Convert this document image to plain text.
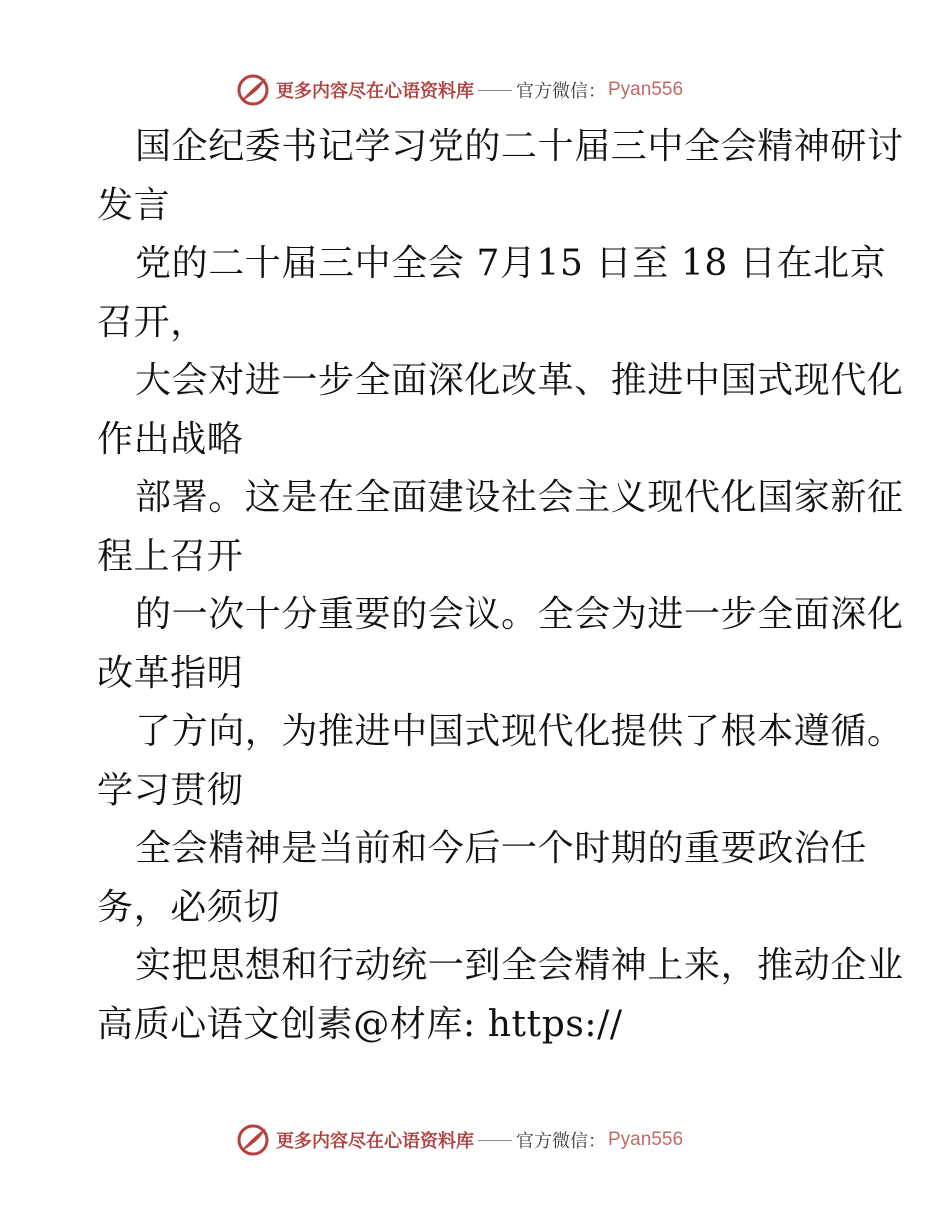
更多内容尽在心语资料库 官方微信： Pyan556
国企纪委书记学习党的二十届三中全会精神研讨
发言
党的二十届三中全会 7月15 日至 18 日在北京
召开，
大会对进一步全面深化改革、推进中国式现代化
作出战略
部署。这是在全面建设社会主义现代化国家新征
程上召开
的一次十分重要的会议。全会为进一步全面深化
改革指明
了方向，为推进中国式现代化提供了根本遵循。
学习贯彻
全会精神是当前和今后一个时期的重要政治任
务，必须切
实把思想和行动统一到全会精神上来，推动企业
高质心语文创素@材库: https://
更多内容尽在心语资料库 官方微信： Pyan556
